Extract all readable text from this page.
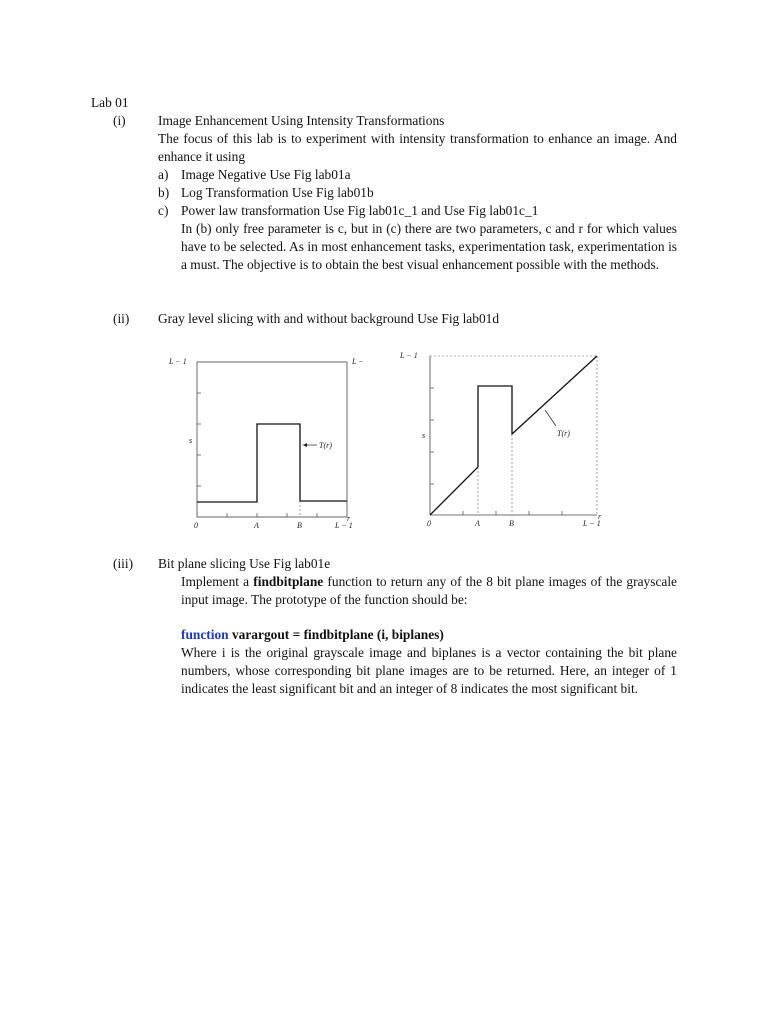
Lab 01
(i) Image Enhancement Using Intensity Transformations
The focus of this lab is to experiment with intensity transformation to enhance an image. And enhance it using
a) Image Negative Use Fig lab01a
b) Log Transformation Use Fig lab01b
c) Power law transformation Use Fig lab01c_1 and Use Fig lab01c_1
In (b) only free parameter is c, but in (c) there are two parameters, c and r for which values have to be selected. As in most enhancement tasks, experimentation task, experimentation is a must. The objective is to obtain the best visual enhancement possible with the methods.
(ii) Gray level slicing with and without background Use Fig lab01d
L − 1	L −
s
T(r)
0	A	B
r
L − 1
L − 1
s	T(r)
0	A	B
r
L − 1
(iii) Bit plane slicing Use Fig lab01e
Implement a findbitplane function to return any of the 8 bit plane images of the grayscale input image. The prototype of the function should be:
function varargout = findbitplane (i, biplanes)
Where i is the original grayscale image and biplanes is a vector containing the bit plane numbers, whose corresponding bit plane images are to be returned. Here, an integer of 1 indicates the least significant bit and an integer of 8 indicates the most significant bit.
